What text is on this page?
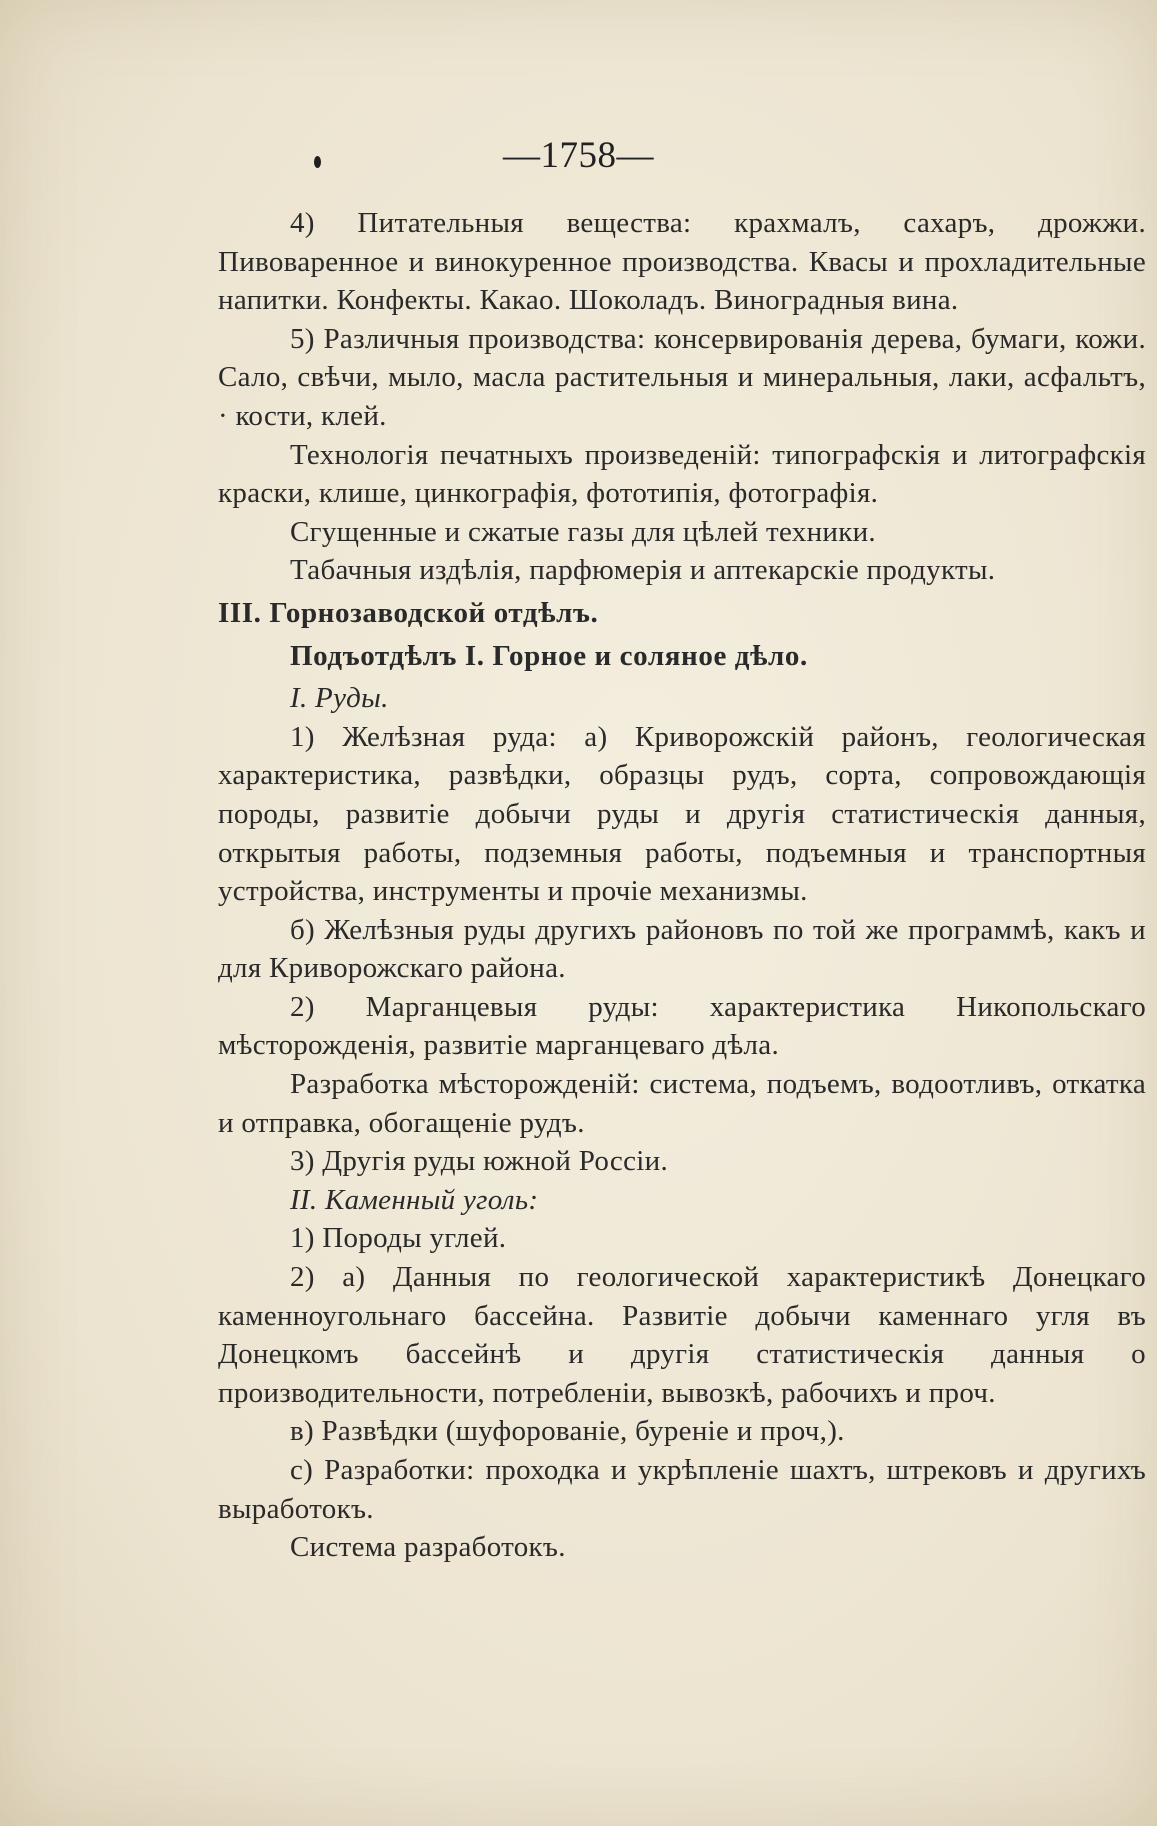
—1758—

4) Питательныя вещества: крахмалъ, сахаръ, дрожжи. Пивоваренное и винокуренное производства. Квасы и прохладительные напитки. Конфекты. Какао. Шоколадъ. Виноградныя вина.

5) Различныя производства: консервированія дерева, бумаги, кожи. Сало, свѣчи, мыло, масла растительныя и минеральныя, лаки, асфальтъ, · кости, клей.

Технологія печатныхъ произведеній: типографскія и литографскія краски, клише, цинкографія, фототипія, фотографія.

Сгущенные и сжатые газы для цѣлей техники.

Табачныя издѣлія, парфюмерія и аптекарскіе продукты.

III. Горнозаводской отдѣлъ.

Подъотдѣлъ I. Горное и соляное дѣло.

I. Руды.

1) Желѣзная руда: а) Криворожскій районъ, геологическая характеристика, развѣдки, образцы рудъ, сорта, сопровождающія породы, развитіе добычи руды и другія статистическія данныя, открытыя работы, подземныя работы, подъемныя и транспортныя устройства, инструменты и прочіе механизмы.

б) Желѣзныя руды другихъ районовъ по той же программѣ, какъ и для Криворожскаго района.

2) Марганцевыя руды: характеристика Никопольскаго мѣсторожденія, развитіе марганцеваго дѣла.

Разработка мѣсторожденій: система, подъемъ, водоотливъ, откатка и отправка, обогащеніе рудъ.

3) Другія руды южной Россіи.

II. Каменный уголь:

1) Породы углей.

2) а) Данныя по геологической характеристикѣ Донецкаго каменноугольнаго бассейна. Развитіе добычи каменнаго угля въ Донецкомъ бассейнѣ и другія статистическія данныя о производительности, потребленіи, вывозкѣ, рабочихъ и проч.

в) Развѣдки (шуфорованіе, буреніе и проч,).

с) Разработки: проходка и укрѣпленіе шахтъ, штрековъ и другихъ выработокъ.

Система разработокъ.
